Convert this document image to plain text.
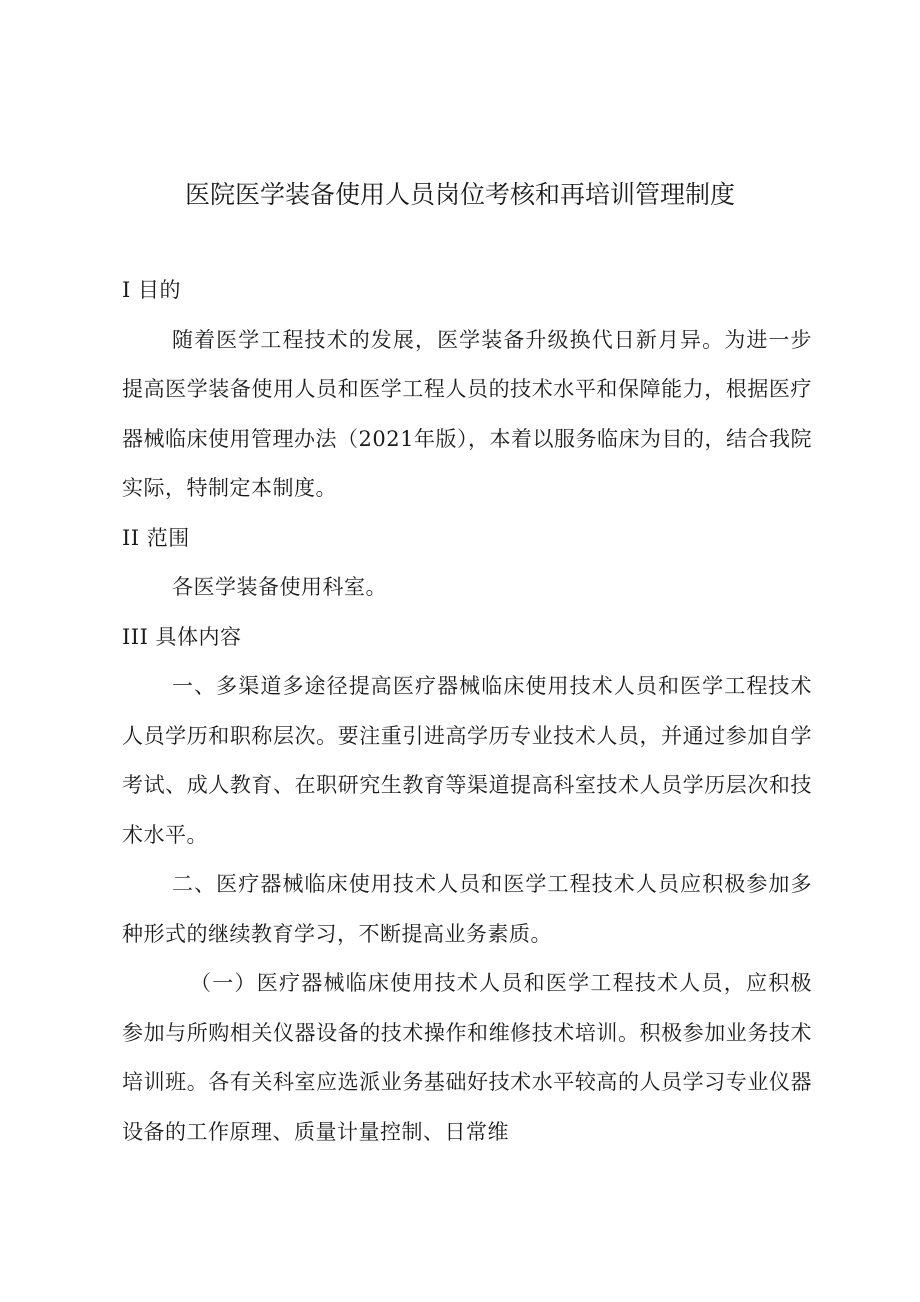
医院医学装备使用人员岗位考核和再培训管理制度

I 目的

随着医学工程技术的发展，医学装备升级换代日新月异。为进一步提高医学装备使用人员和医学工程人员的技术水平和保障能力，根据医疗器械临床使用管理办法（2021年版），本着以服务临床为目的，结合我院实际，特制定本制度。

II 范围

各医学装备使用科室。

III 具体内容

一、多渠道多途径提高医疗器械临床使用技术人员和医学工程技术人员学历和职称层次。要注重引进高学历专业技术人员，并通过参加自学考试、成人教育、在职研究生教育等渠道提高科室技术人员学历层次和技术水平。

二、医疗器械临床使用技术人员和医学工程技术人员应积极参加多种形式的继续教育学习，不断提高业务素质。

（一）医疗器械临床使用技术人员和医学工程技术人员，应积极参加与所购相关仪器设备的技术操作和维修技术培训。积极参加业务技术培训班。各有关科室应选派业务基础好技术水平较高的人员学习专业仪器设备的工作原理、质量计量控制、日常维
